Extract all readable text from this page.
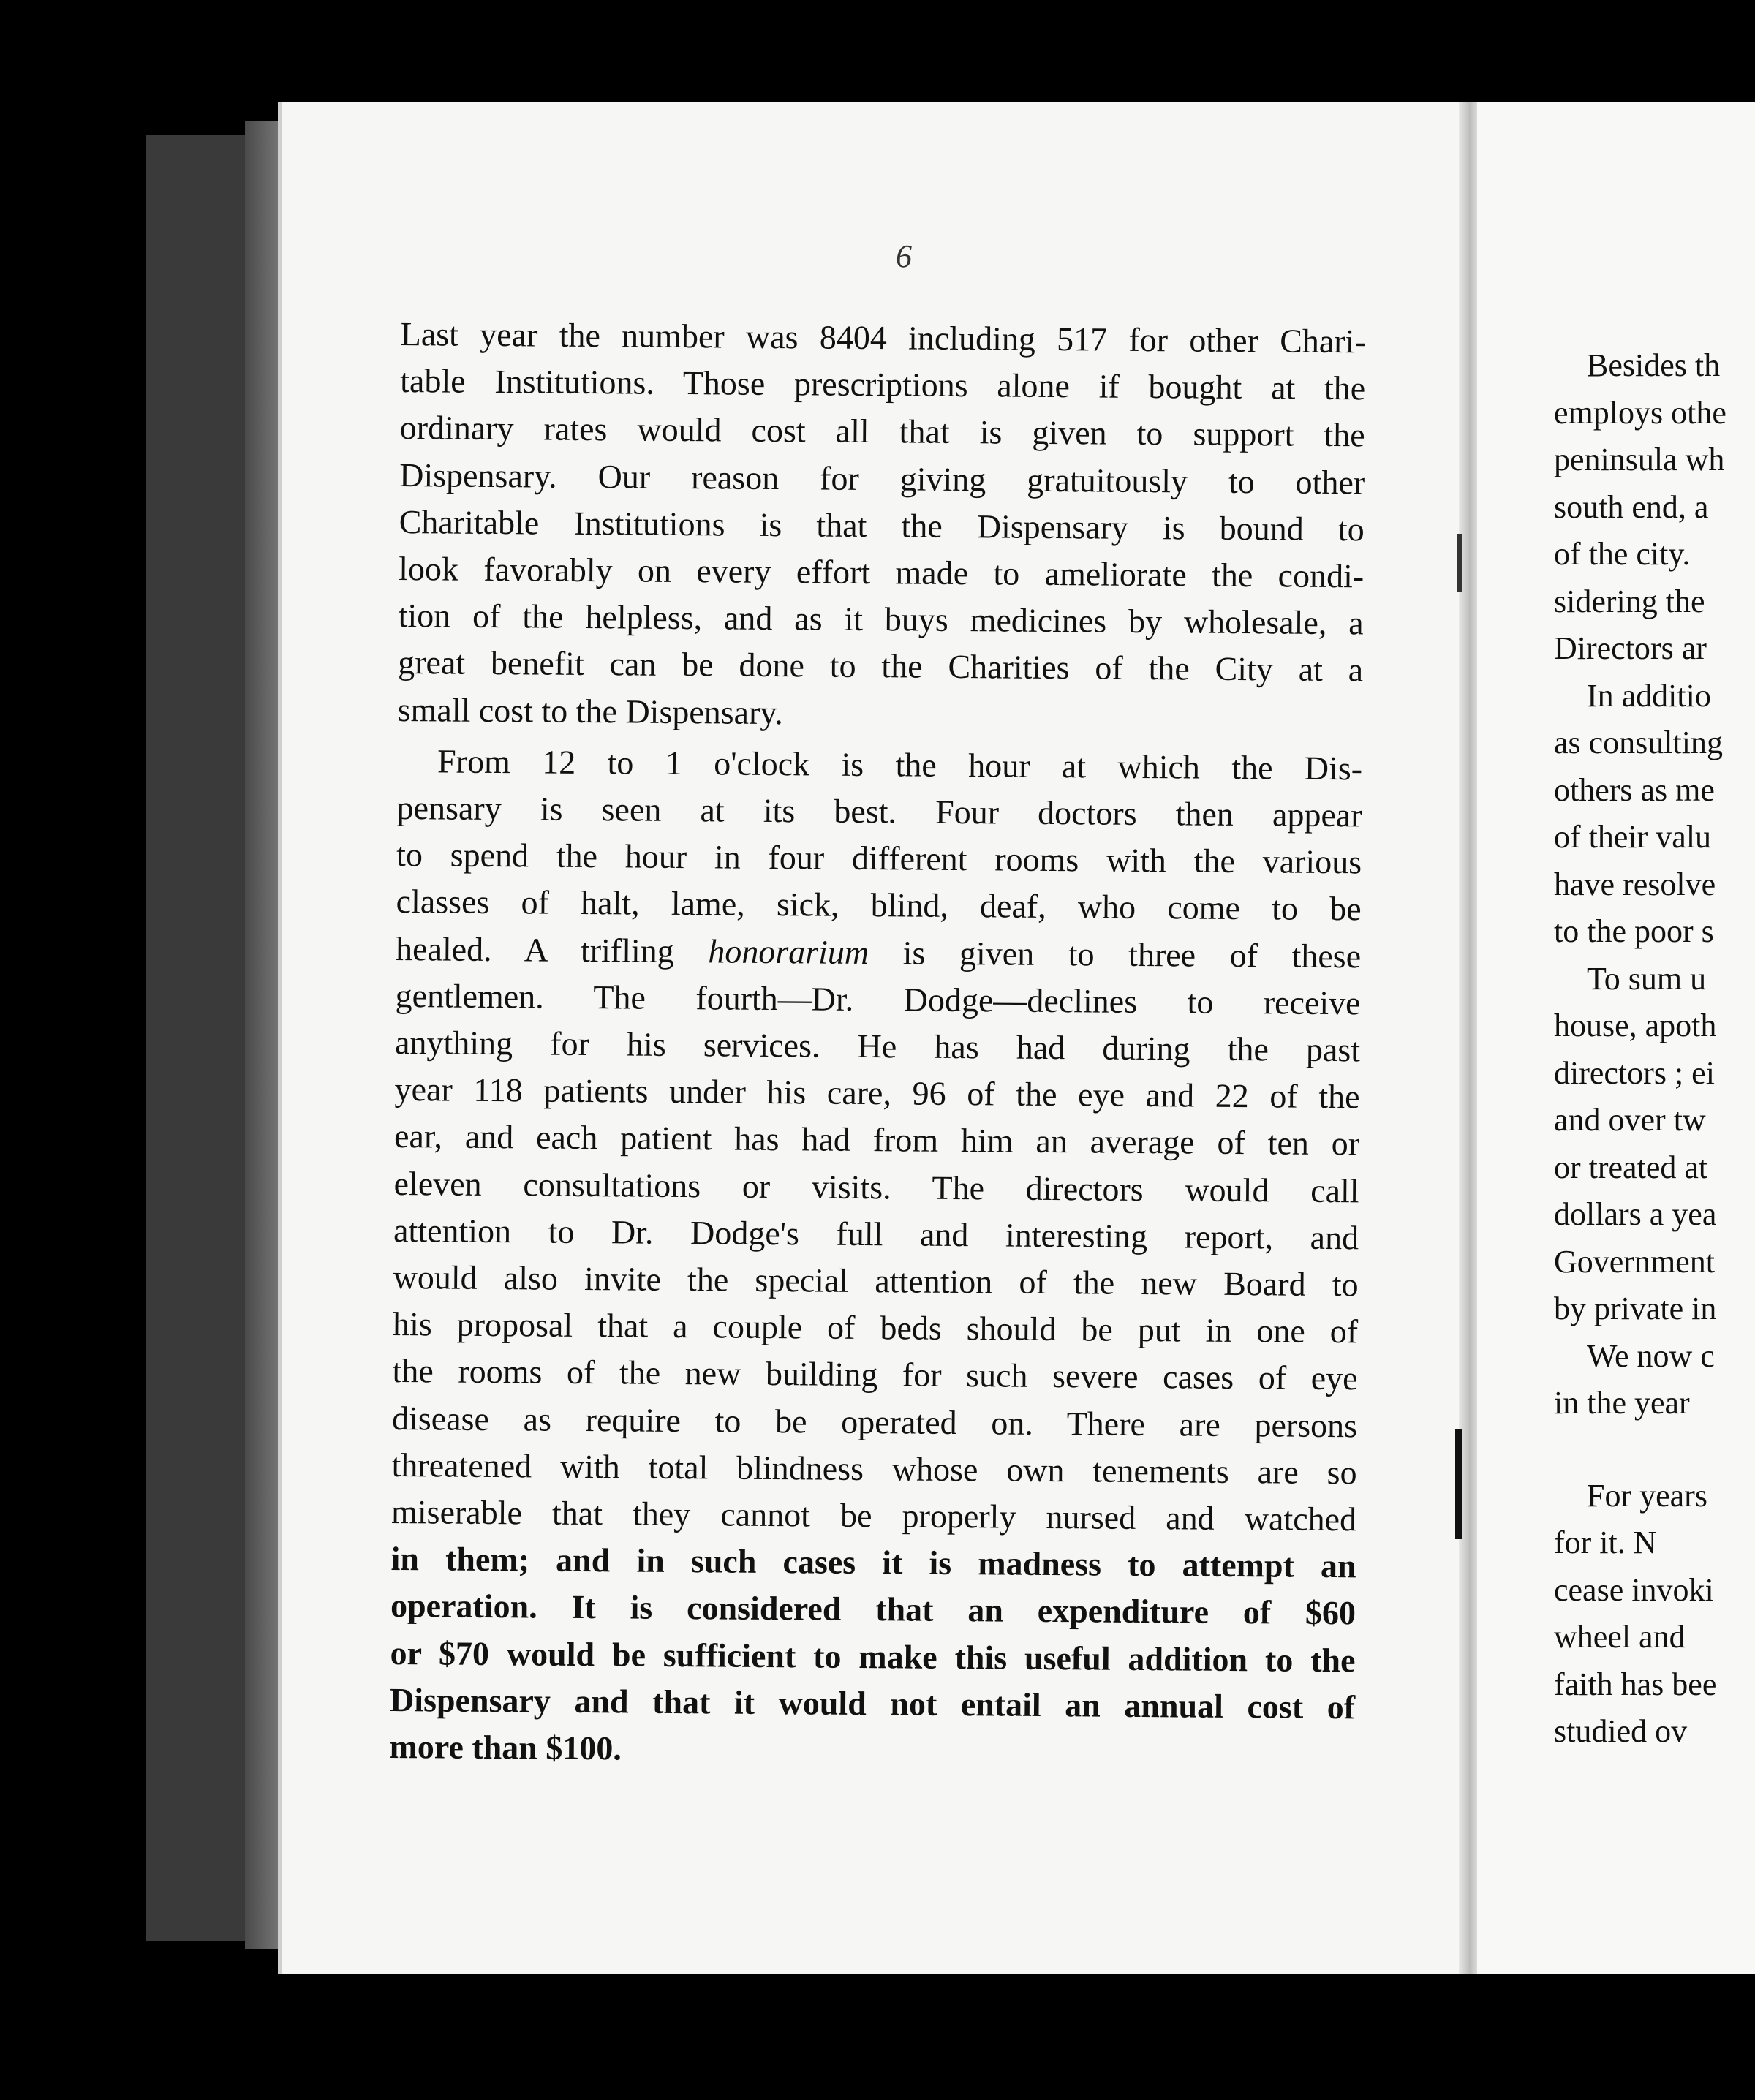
6

Last year the number was 8404 including 517 for other Chari-
table Institutions. Those prescriptions alone if bought at the
ordinary rates would cost all that is given to support the
Dispensary. Our reason for giving gratuitously to other
Charitable Institutions is that the Dispensary is bound to
look favorably on every effort made to ameliorate the condi-
tion of the helpless, and as it buys medicines by wholesale, a
great benefit can be done to the Charities of the City at a
small cost to the Dispensary.

From 12 to 1 o'clock is the hour at which the Dis-
pensary is seen at its best. Four doctors then appear
to spend the hour in four different rooms with the various
classes of halt, lame, sick, blind, deaf, who come to be
healed. A trifling honorarium is given to three of these
gentlemen. The fourth—Dr. Dodge—declines to receive
anything for his services. He has had during the past
year 118 patients under his care, 96 of the eye and 22 of the
ear, and each patient has had from him an average of ten or
eleven consultations or visits. The directors would call
attention to Dr. Dodge's full and interesting report, and
would also invite the special attention of the new Board to
his proposal that a couple of beds should be put in one of
the rooms of the new building for such severe cases of eye
disease as require to be operated on. There are persons
threatened with total blindness whose own tenements are so
miserable that they cannot be properly nursed and watched
in them; and in such cases it is madness to attempt an
operation. It is considered that an expenditure of $60
or $70 would be sufficient to make this useful addition to the
Dispensary and that it would not entail an annual cost of
more than $100.

Besides th
employs othe
peninsula wh
south end, a
of the city.
sidering the
Directors ar
In additio
as consulting
others as me
of their valu
have resolve
to the poor s
To sum u
house, apoth
directors ; ei
and over tw
or treated at
dollars a yea
Government
by private in
We now c
in the year
For years
for it. N
cease invoki
wheel and
faith has bee
studied ov
